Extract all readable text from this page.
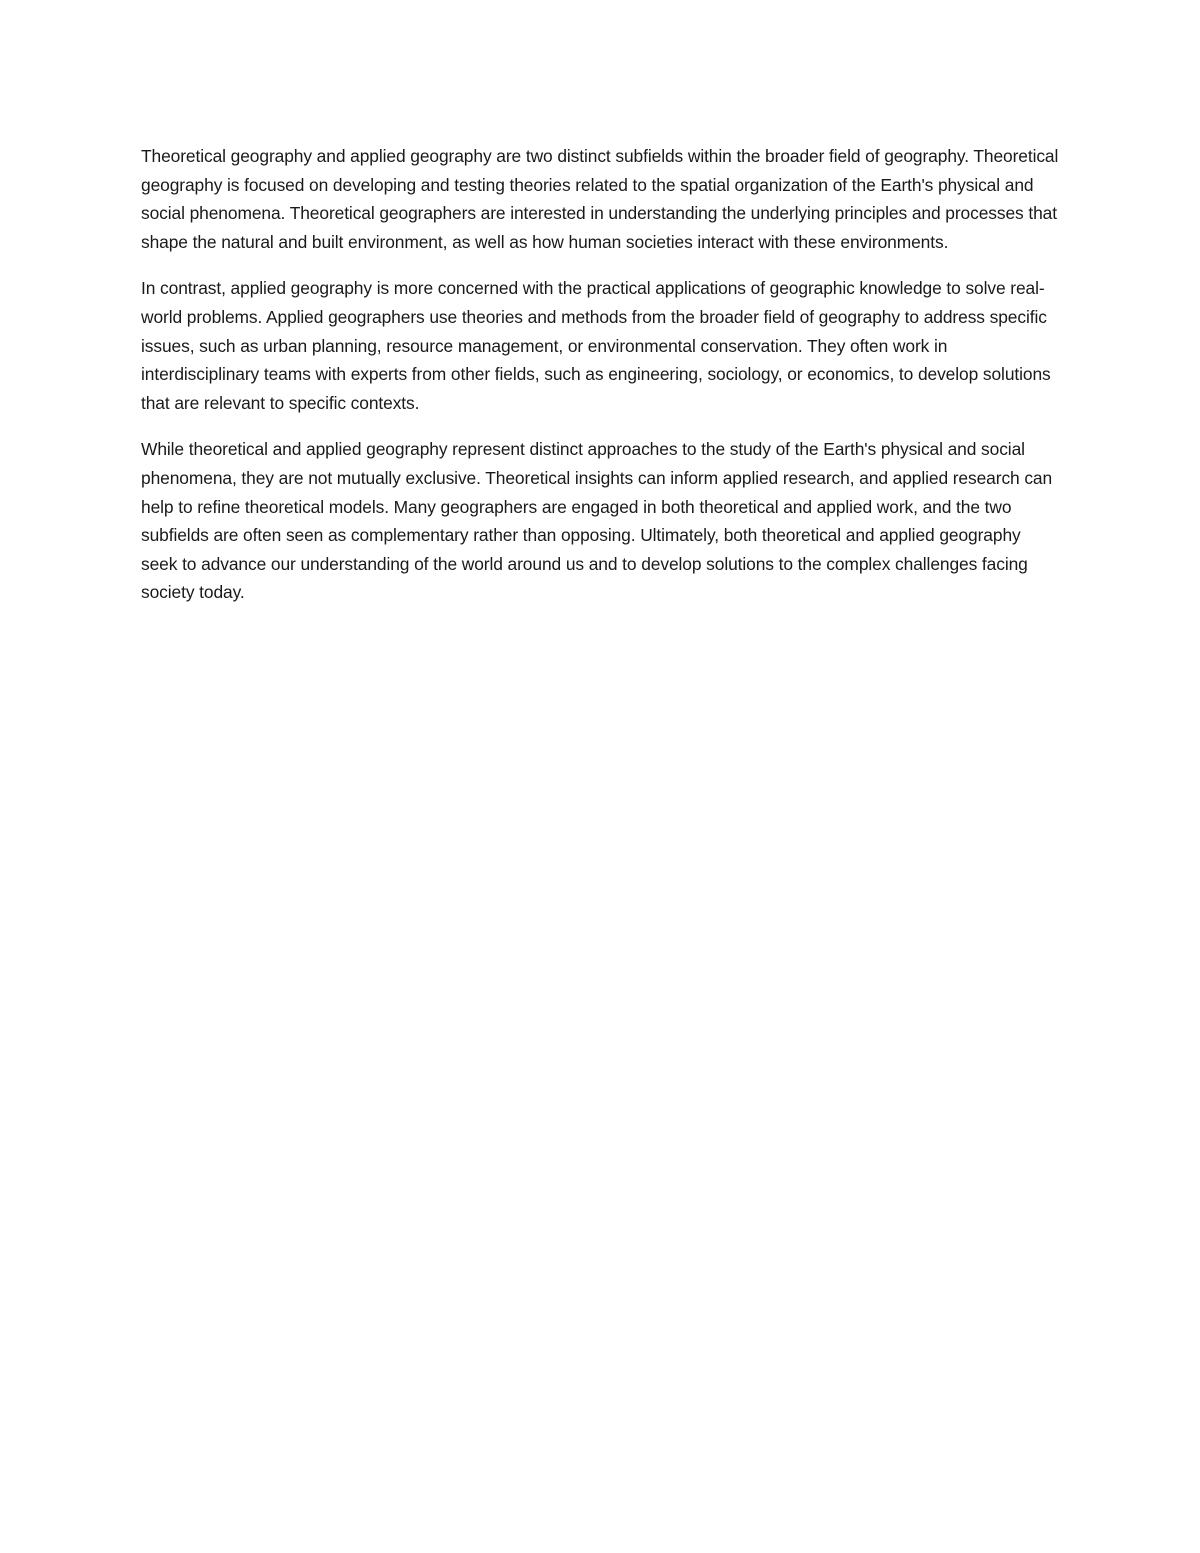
Theoretical geography and applied geography are two distinct subfields within the broader field of geography. Theoretical geography is focused on developing and testing theories related to the spatial organization of the Earth's physical and social phenomena. Theoretical geographers are interested in understanding the underlying principles and processes that shape the natural and built environment, as well as how human societies interact with these environments.

In contrast, applied geography is more concerned with the practical applications of geographic knowledge to solve real-world problems. Applied geographers use theories and methods from the broader field of geography to address specific issues, such as urban planning, resource management, or environmental conservation. They often work in interdisciplinary teams with experts from other fields, such as engineering, sociology, or economics, to develop solutions that are relevant to specific contexts.

While theoretical and applied geography represent distinct approaches to the study of the Earth's physical and social phenomena, they are not mutually exclusive. Theoretical insights can inform applied research, and applied research can help to refine theoretical models. Many geographers are engaged in both theoretical and applied work, and the two subfields are often seen as complementary rather than opposing. Ultimately, both theoretical and applied geography seek to advance our understanding of the world around us and to develop solutions to the complex challenges facing society today.
